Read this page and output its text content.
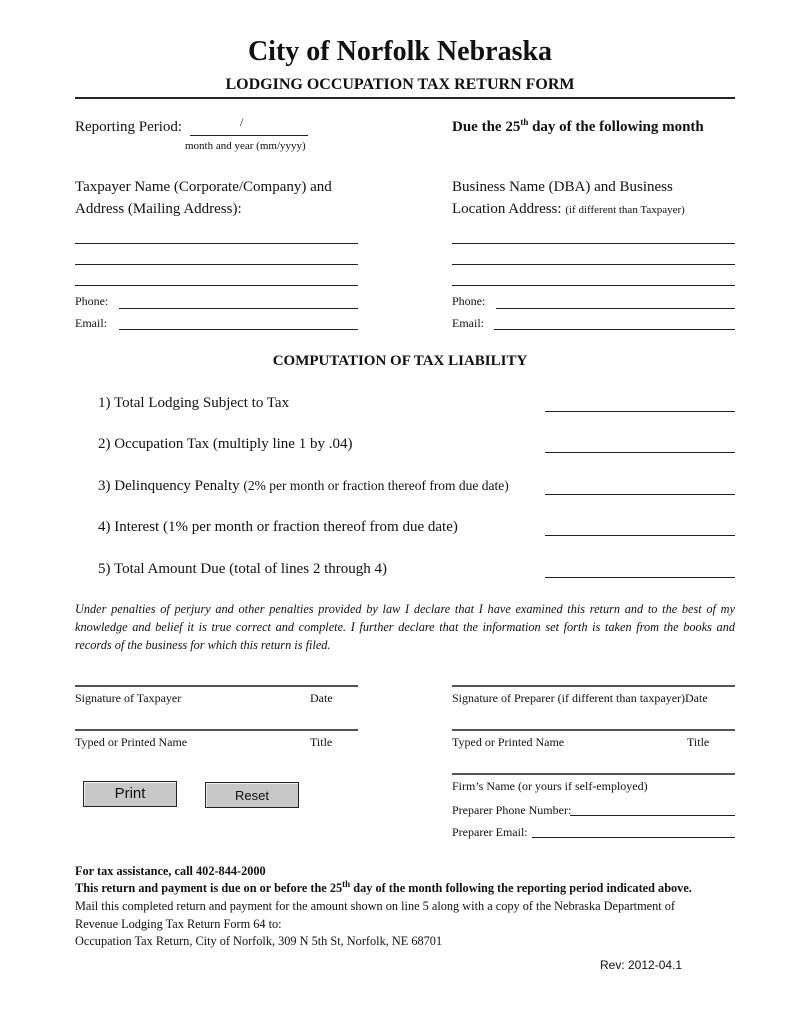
City of Norfolk Nebraska
LODGING OCCUPATION TAX RETURN FORM
Reporting Period:	/
month and year (mm/yyyy)
Due the 25th day of the following month
Taxpayer Name (Corporate/Company) and
Address (Mailing Address):
Phone:
Email:
Business Name (DBA) and Business
Location Address: (if different than Taxpayer)
Phone:
Email:
COMPUTATION OF TAX LIABILITY
1) Total Lodging Subject to Tax
2) Occupation Tax (multiply line 1 by .04)
3) Delinquency Penalty (2% per month or fraction thereof from due date)
4) Interest (1% per month or fraction thereof from due date)
5) Total Amount Due (total of lines 2 through 4)
Under penalties of perjury and other penalties provided by law I declare that I have examined this return and to the best of my knowledge and belief it is true correct and complete. I further declare that the information set forth is taken from the books and records of the business for which this return is filed.
Signature of Taxpayer	Date
Typed or Printed Name	Title
Signature of Preparer (if different than taxpayer) Date
Typed or Printed Name	Title
Firm’s Name (or yours if self-employed)
Preparer Phone Number:
Preparer Email:
Print	Reset
For tax assistance, call 402-844-2000
This return and payment is due on or before the 25th day of the month following the reporting period indicated above.
Mail this completed return and payment for the amount shown on line 5 along with a copy of the Nebraska Department of
Revenue Lodging Tax Return Form 64 to:
Occupation Tax Return, City of Norfolk, 309 N 5th St, Norfolk, NE 68701
Rev: 2012-04.1
